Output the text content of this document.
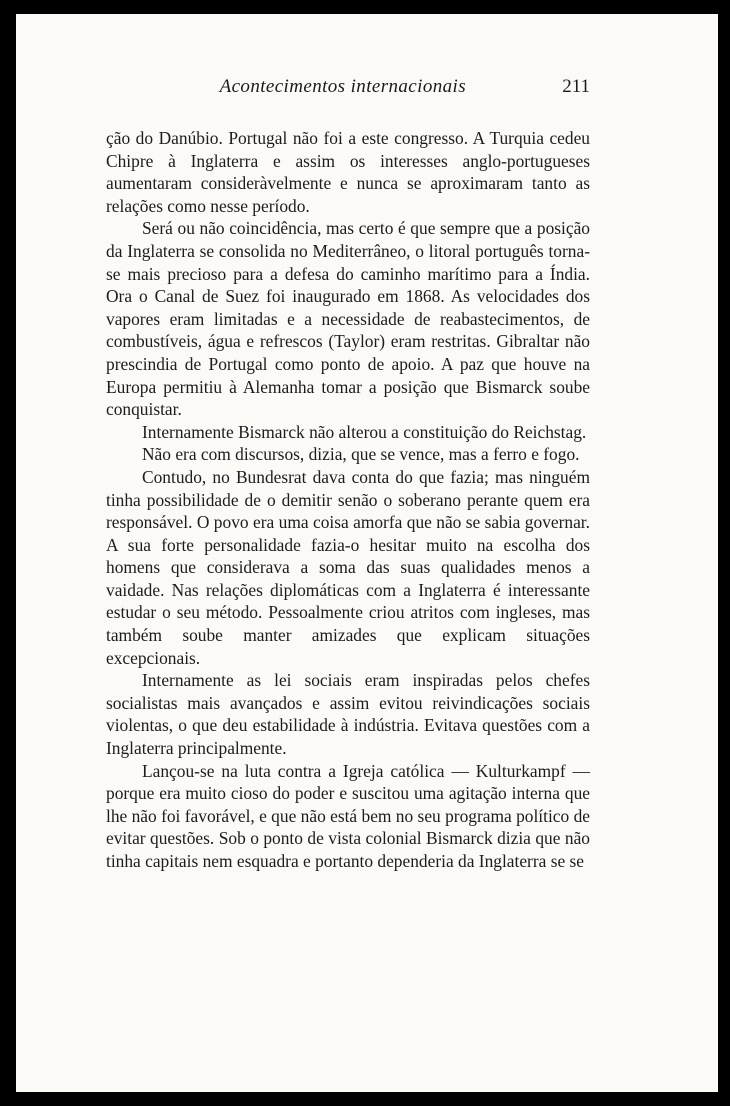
Acontecimentos internacionais	211

ção do Danúbio. Portugal não foi a este congresso. A Turquia cedeu Chipre à Inglaterra e assim os interesses anglo-portugueses aumentaram consideràvelmente e nunca se aproximaram tanto as relações como nesse período.

Será ou não coincidência, mas certo é que sempre que a posição da Inglaterra se consolida no Mediterrâneo, o litoral português torna-se mais precioso para a defesa do caminho marítimo para a Índia. Ora o Canal de Suez foi inaugurado em 1868. As velocidades dos vapores eram limitadas e a necessidade de reabastecimentos, de combustíveis, água e refrescos (Taylor) eram restritas. Gibraltar não prescindia de Portugal como ponto de apoio. A paz que houve na Europa permitiu à Alemanha tomar a posição que Bismarck soube conquistar.

Internamente Bismarck não alterou a constituição do Reichstag.

Não era com discursos, dizia, que se vence, mas a ferro e fogo.

Contudo, no Bundesrat dava conta do que fazia; mas ninguém tinha possibilidade de o demitir senão o soberano perante quem era responsável. O povo era uma coisa amorfa que não se sabia governar. A sua forte personalidade fazia-o hesitar muito na escolha dos homens que considerava a soma das suas qualidades menos a vaidade. Nas relações diplomáticas com a Inglaterra é interessante estudar o seu método. Pessoalmente criou atritos com ingleses, mas também soube manter amizades que explicam situações excepcionais.

Internamente as lei sociais eram inspiradas pelos chefes socialistas mais avançados e assim evitou reivindicações sociais violentas, o que deu estabilidade à indústria. Evitava questões com a Inglaterra principalmente.

Lançou-se na luta contra a Igreja católica — Kulturkampf — porque era muito cioso do poder e suscitou uma agitação interna que lhe não foi favorável, e que não está bem no seu programa político de evitar questões. Sob o ponto de vista colonial Bismarck dizia que não tinha capitais nem esquadra e portanto dependeria da Inglaterra se se
